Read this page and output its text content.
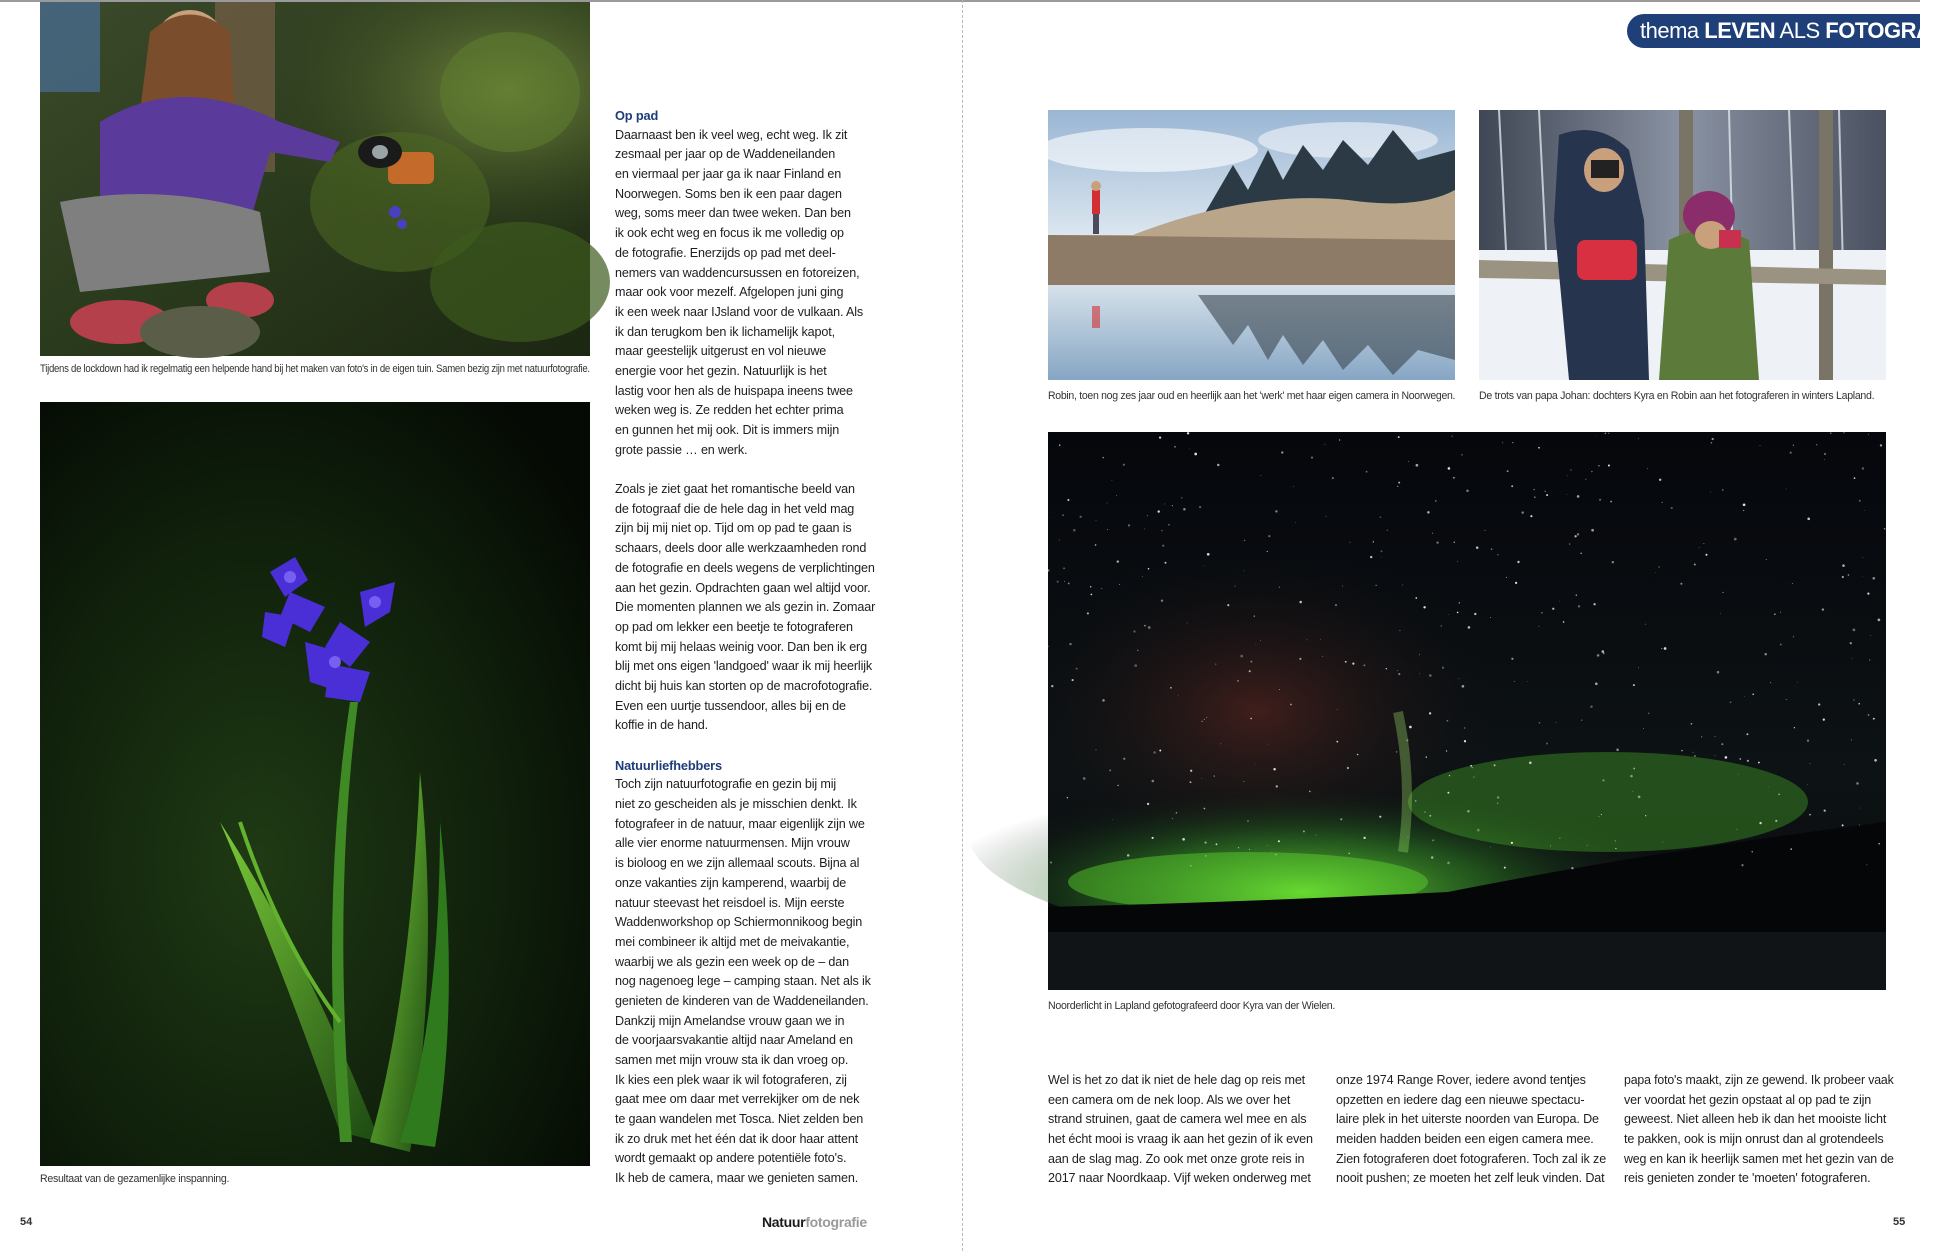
Tijdens de lockdown had ik regelmatig een helpende hand bij het maken van foto's in de eigen tuin. Samen bezig zijn met natuurfotografie.
Resultaat van de gezamenlijke inspanning.
Op pad
Daarnaast ben ik veel weg, echt weg. Ik zit
zesmaal per jaar op de Waddeneilanden
en viermaal per jaar ga ik naar Finland en
Noorwegen. Soms ben ik een paar dagen
weg, soms meer dan twee weken. Dan ben
ik ook echt weg en focus ik me volledig op
de fotografie. Enerzijds op pad met deel-
nemers van waddencursussen en fotoreizen,
maar ook voor mezelf. Afgelopen juni ging
ik een week naar IJsland voor de vulkaan. Als
ik dan terugkom ben ik lichamelijk kapot,
maar geestelijk uitgerust en vol nieuwe
energie voor het gezin. Natuurlijk is het
lastig voor hen als de huispapa ineens twee
weken weg is. Ze redden het echter prima
en gunnen het mij ook. Dit is immers mijn
grote passie … en werk.
Zoals je ziet gaat het romantische beeld van
de fotograaf die de hele dag in het veld mag
zijn bij mij niet op. Tijd om op pad te gaan is
schaars, deels door alle werkzaamheden rond
de fotografie en deels wegens de verplichtingen
aan het gezin. Opdrachten gaan wel altijd voor.
Die momenten plannen we als gezin in. Zomaar
op pad om lekker een beetje te fotograferen
komt bij mij helaas weinig voor. Dan ben ik erg
blij met ons eigen 'landgoed' waar ik mij heerlijk
dicht bij huis kan storten op de macrofotografie.
Even een uurtje tussendoor, alles bij en de
koffie in de hand.
Natuurliefhebbers
Toch zijn natuurfotografie en gezin bij mij
niet zo gescheiden als je misschien denkt. Ik
fotografeer in de natuur, maar eigenlijk zijn we
alle vier enorme natuurmensen. Mijn vrouw
is bioloog en we zijn allemaal scouts. Bijna al
onze vakanties zijn kamperend, waarbij de
natuur steevast het reisdoel is. Mijn eerste
Waddenworkshop op Schiermonnikoog begin
mei combineer ik altijd met de meivakantie,
waarbij we als gezin een week op de – dan
nog nagenoeg lege – camping staan. Net als ik
genieten de kinderen van de Waddeneilanden.
Dankzij mijn Amelandse vrouw gaan we in
de voorjaarsvakantie altijd naar Ameland en
samen met mijn vrouw sta ik dan vroeg op.
Ik kies een plek waar ik wil fotograferen, zij
gaat mee om daar met verrekijker om de nek
te gaan wandelen met Tosca. Niet zelden ben
ik zo druk met het één dat ik door haar attent
wordt gemaakt op andere potentiële foto's.
Ik heb de camera, maar we genieten samen.
54	Natuurfotografie
thema LEVEN ALS FOTOGRAAF
Robin, toen nog zes jaar oud en heerlijk aan het 'werk' met haar eigen camera in Noorwegen. De trots van papa Johan: dochters Kyra en Robin aan het fotograferen in winters Lapland.
Noorderlicht in Lapland gefotografeerd door Kyra van der Wielen.
Wel is het zo dat ik niet de hele dag op reis met
een camera om de nek loop. Als we over het
strand struinen, gaat de camera wel mee en als
het écht mooi is vraag ik aan het gezin of ik even
aan de slag mag. Zo ook met onze grote reis in
2017 naar Noordkaap. Vijf weken onderweg met
onze 1974 Range Rover, iedere avond tentjes
opzetten en iedere dag een nieuwe spectacu-
laire plek in het uiterste noorden van Europa. De
meiden hadden beiden een eigen camera mee.
Zien fotograferen doet fotograferen. Toch zal ik ze
nooit pushen; ze moeten het zelf leuk vinden. Dat
papa foto's maakt, zijn ze gewend. Ik probeer vaak
ver voordat het gezin opstaat al op pad te zijn
geweest. Niet alleen heb ik dan het mooiste licht
te pakken, ook is mijn onrust dan al grotendeels
weg en kan ik heerlijk samen met het gezin van de
reis genieten zonder te 'moeten' fotograferen.
55
